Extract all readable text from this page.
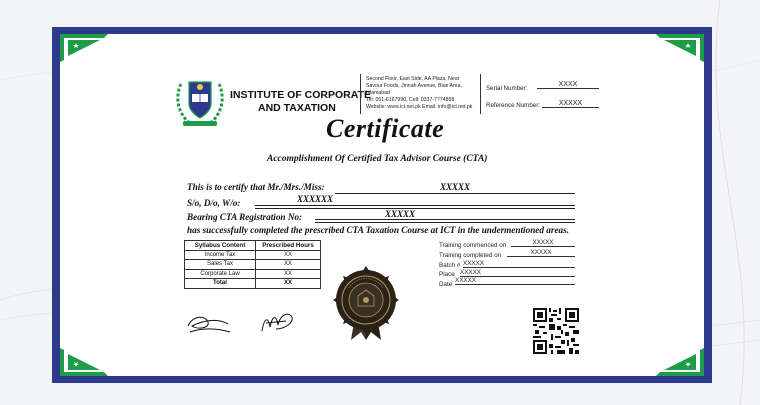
INSTITUTE OF CORPORATE
AND TAXATION
Second Floor, East Side, AA Plaza, Near
Savour Foods, Jinnah Avenue, Blue Area,
Islamabad
Tel: 051-6167990, Cell: 0337-7774858
Website: www.ict.net.pk Email: info@ict.net.pk
Serial Number:
XXXX
Reference Number:	XXXXX
Certificate
Accomplishment Of Certified Tax Advisor Course (CTA)
This is to certify that Mr./Mrs./Miss:	XXXXX
S/o, D/o, W/o:	XXXXXX
Bearing CTA Registration No:	XXXXX
has successfully completed the prescribed CTA Taxation Course at ICT in the undermentioned areas.
Syllabus Content	Prescribed Hours
Income Tax	XX
Sales Tax	XX
Corporate Law	XX
Total	XX
Training commenced on	XXXXX
Training completed on	XXXXX
Batch # XXXXX
Place XXXXX
Date
XXXXX
